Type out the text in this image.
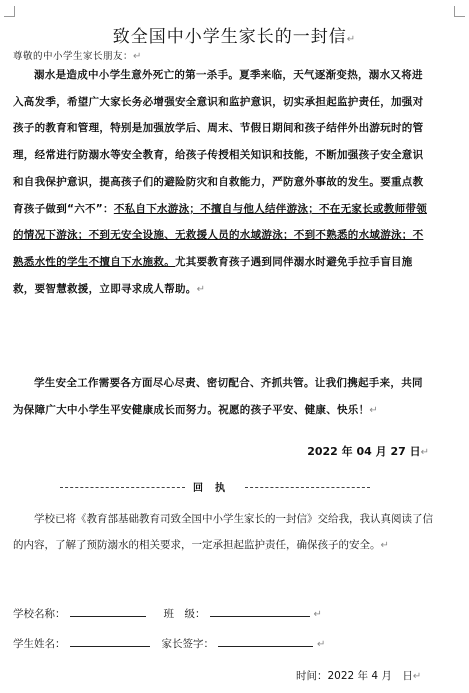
致全国中小学生家长的一封信↵
尊敬的中小学生家长朋友：↵
溺水是造成中小学生意外死亡的第一杀手。夏季来临，天气逐渐变热，溺水又将进入高发季，希望广大家长务必增强安全意识和监护意识，切实承担起监护责任，加强对孩子的教育和管理，特别是加强放学后、周末、节假日期间和孩子结伴外出游玩时的管理，经常进行防溺水等安全教育，给孩子传授相关知识和技能，不断加强孩子安全意识和自我保护意识，提高孩子们的避险防灾和自救能力，严防意外事故的发生。要重点教育孩子做到“六不”：不私自下水游泳；不擅自与他人结伴游泳；不在无家长或教师带领的情况下游泳；不到无安全设施、无救援人员的水域游泳；不到不熟悉的水域游泳；不熟悉水性的学生不擅自下水施救。尤其要教育孩子遇到同伴溺水时避免手拉手盲目施救，要智慧救援，立即寻求成人帮助。↵
学生安全工作需要各方面尽心尽责、密切配合、齐抓共管。让我们携起手来，共同为保障广大中小学生平安健康成长而努力。祝愿的孩子平安、健康、快乐！↵
2022 年 04 月 27 日↵
回执
学校已将《教育部基础教育司致全国中小学生家长的一封信》交给我，我认真阅读了信的内容，了解了预防溺水的相关要求，一定承担起监护责任，确保孩子的安全。↵
学校名称：	班　级：	↵
学生姓名：	家长签字：	↵
时间：2022 年 4 月　日↵
